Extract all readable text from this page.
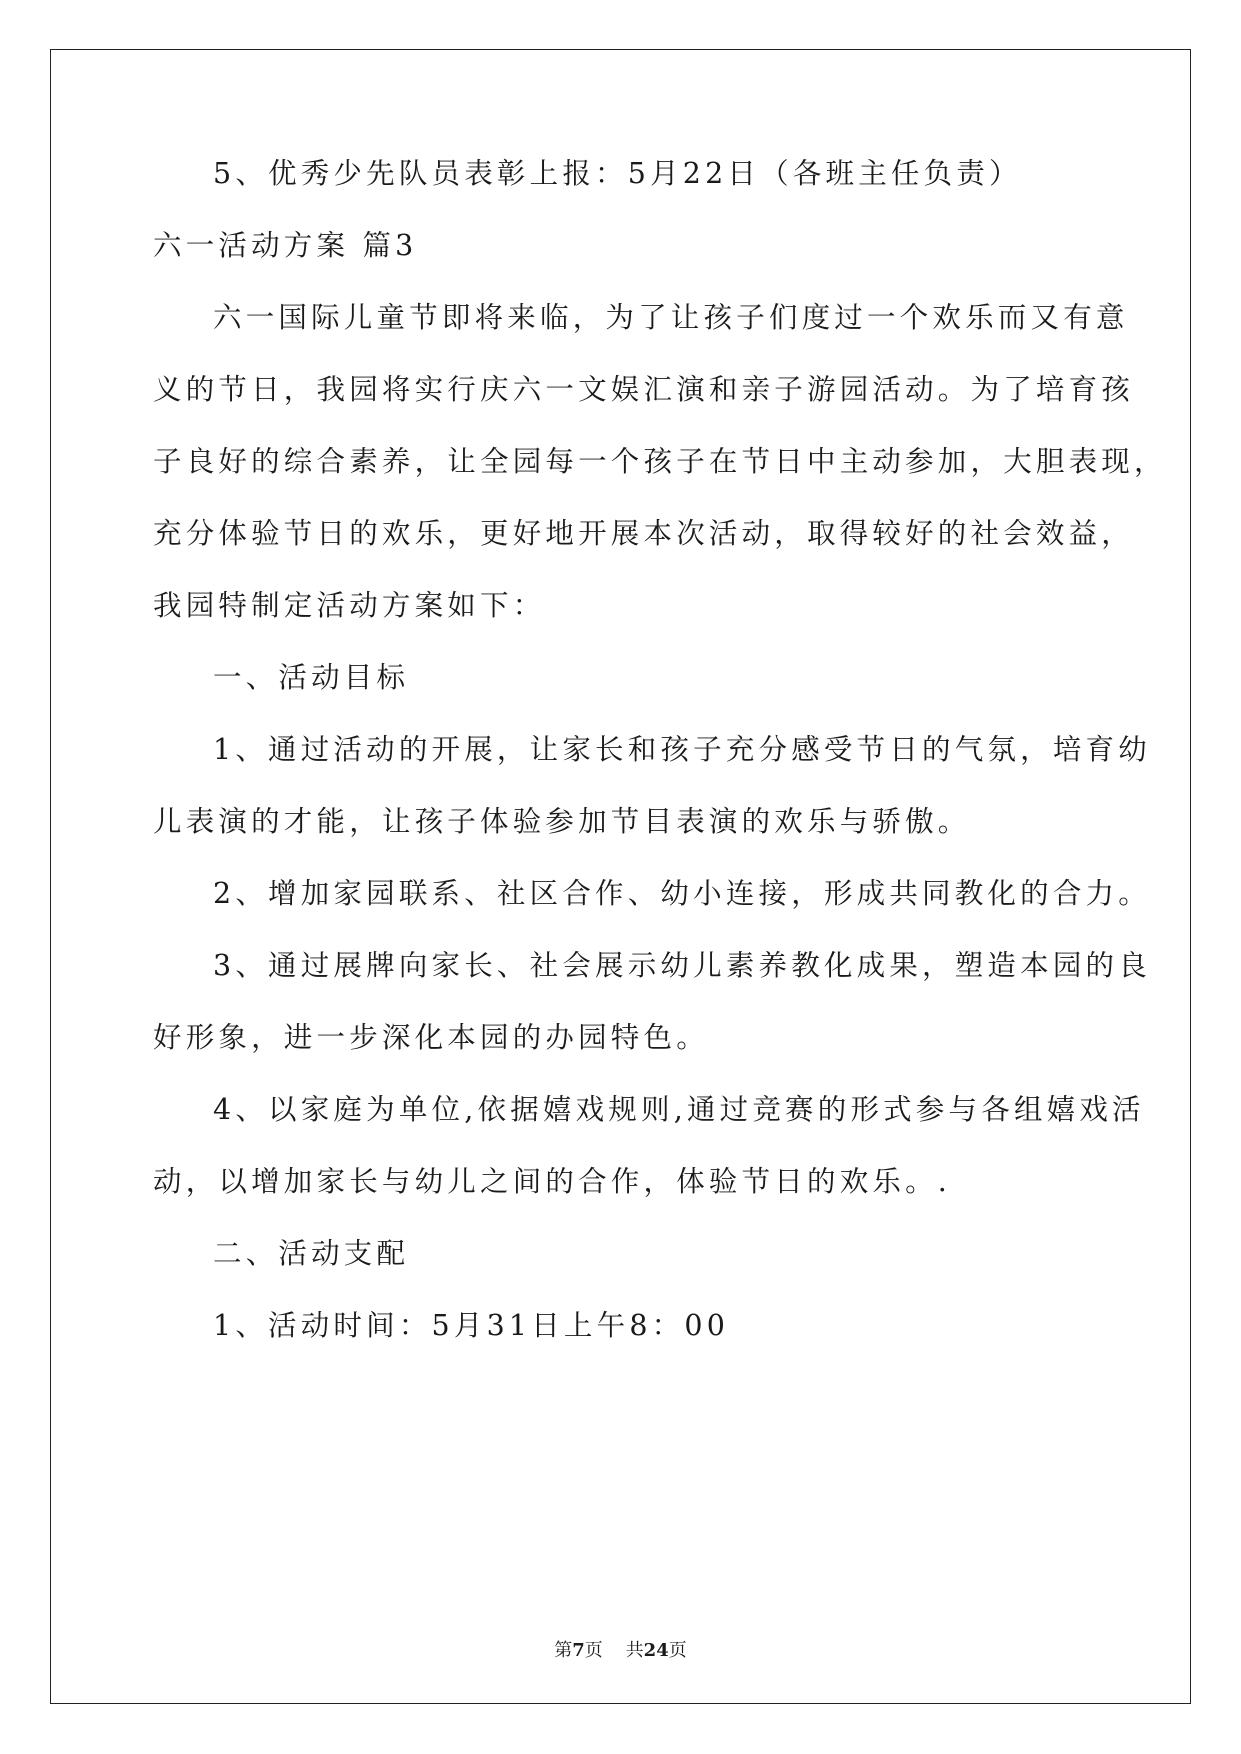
5、优秀少先队员表彰上报：5月22日（各班主任负责）
六一活动方案 篇3
六一国际儿童节即将来临，为了让孩子们度过一个欢乐而又有意
义的节日，我园将实行庆六一文娱汇演和亲子游园活动。为了培育孩
子良好的综合素养，让全园每一个孩子在节日中主动参加，大胆表现，
充分体验节日的欢乐，更好地开展本次活动，取得较好的社会效益，
我园特制定活动方案如下：
一、活动目标
1、通过活动的开展，让家长和孩子充分感受节日的气氛，培育幼
儿表演的才能，让孩子体验参加节目表演的欢乐与骄傲。
2、增加家园联系、社区合作、幼小连接，形成共同教化的合力。
3、通过展牌向家长、社会展示幼儿素养教化成果，塑造本园的良
好形象，进一步深化本园的办园特色。
4、以家庭为单位,依据嬉戏规则,通过竞赛的形式参与各组嬉戏活
动，以增加家长与幼儿之间的合作，体验节日的欢乐。.
二、活动支配
1、活动时间：5月31日上午8：00
第7页 共24页
